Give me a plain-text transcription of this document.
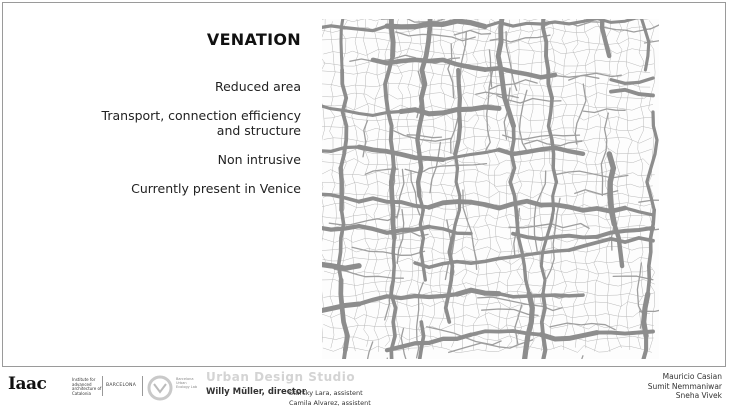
VENATION
Reduced area
Transport, connection efficiency and structure
Non intrusive
Currently present in Venice
Iaac	Institute for advanced architecture of Catalonia
BARCELONA
Barcelona Urban Ecology Lab
Urban Design Studio
Willy Müller, director
Starsky Lara, assistent
Camila Alvarez, assistent
Mauricio Casian
Sumit Nemmaniwar
Sneha Vivek
